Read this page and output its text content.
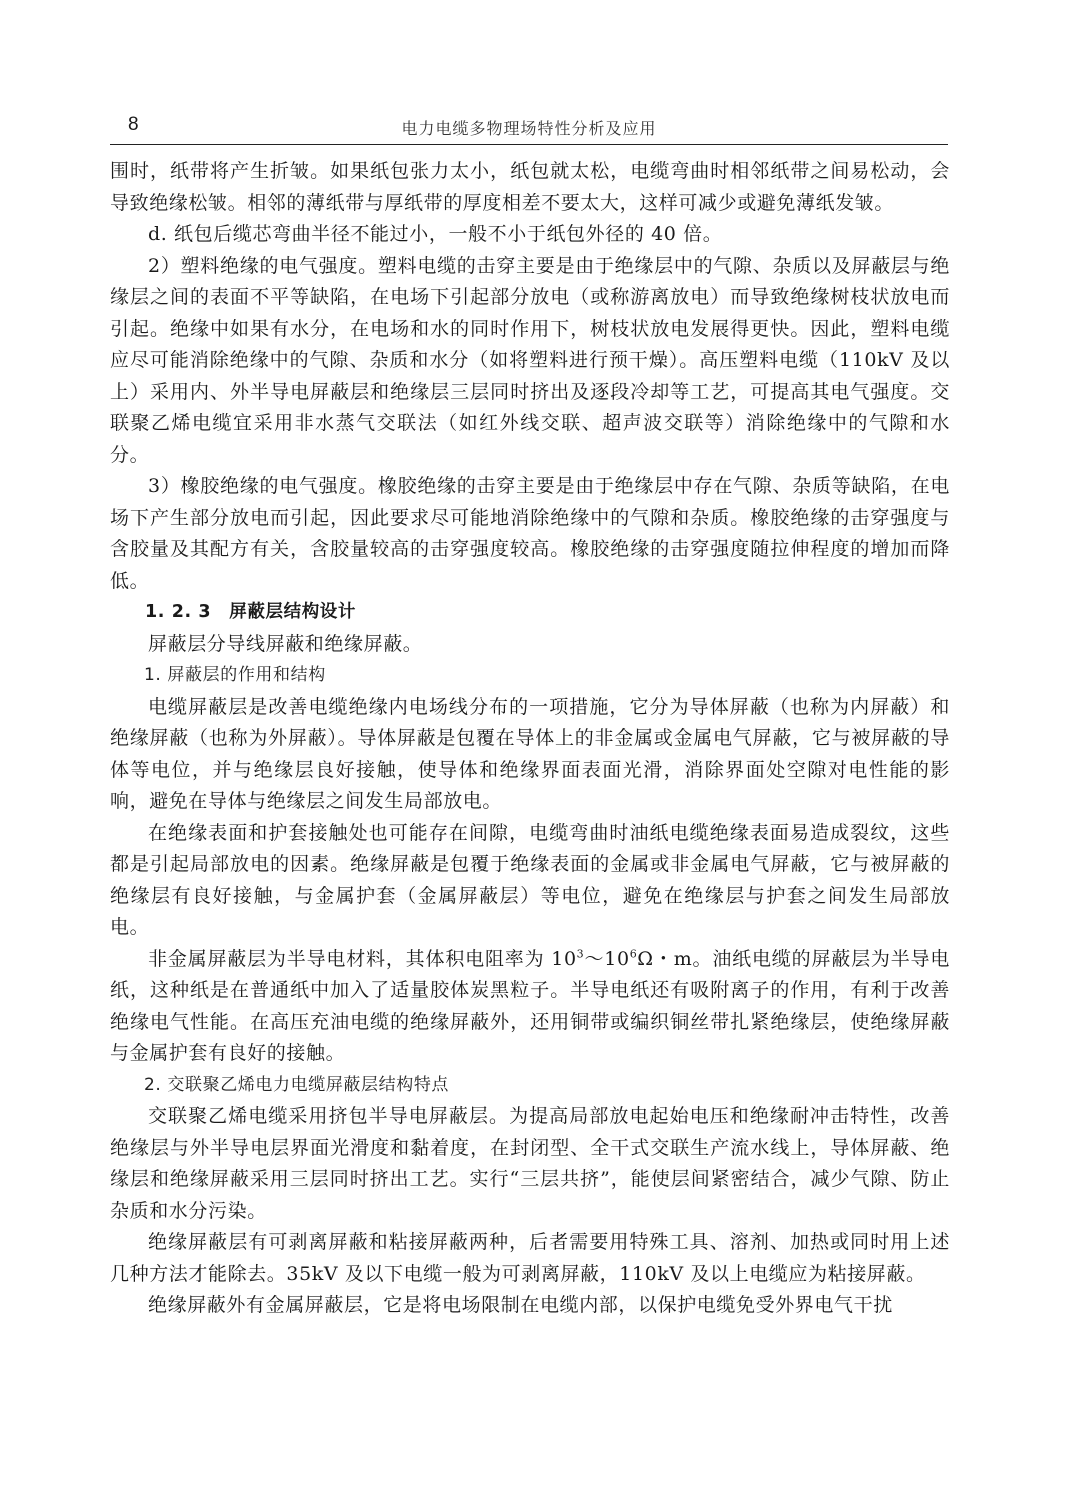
8	电力电缆多物理场特性分析及应用

围时，纸带将产生折皱。如果纸包张力太小，纸包就太松，电缆弯曲时相邻纸带之间易松动，会导致绝缘松皱。相邻的薄纸带与厚纸带的厚度相差不要太大，这样可减少或避免薄纸发皱。

d. 纸包后缆芯弯曲半径不能过小，一般不小于纸包外径的 40 倍。

2）塑料绝缘的电气强度。塑料电缆的击穿主要是由于绝缘层中的气隙、杂质以及屏蔽层与绝缘层之间的表面不平等缺陷，在电场下引起部分放电（或称游离放电）而导致绝缘树枝状放电而引起。绝缘中如果有水分，在电场和水的同时作用下，树枝状放电发展得更快。因此，塑料电缆应尽可能消除绝缘中的气隙、杂质和水分（如将塑料进行预干燥）。高压塑料电缆（110kV 及以上）采用内、外半导电屏蔽层和绝缘层三层同时挤出及逐段冷却等工艺，可提高其电气强度。交联聚乙烯电缆宜采用非水蒸气交联法（如红外线交联、超声波交联等）消除绝缘中的气隙和水分。

3）橡胶绝缘的电气强度。橡胶绝缘的击穿主要是由于绝缘层中存在气隙、杂质等缺陷，在电场下产生部分放电而引起，因此要求尽可能地消除绝缘中的气隙和杂质。橡胶绝缘的击穿强度与含胶量及其配方有关，含胶量较高的击穿强度较高。橡胶绝缘的击穿强度随拉伸程度的增加而降低。

1. 2. 3　屏蔽层结构设计

屏蔽层分导线屏蔽和绝缘屏蔽。

1. 屏蔽层的作用和结构

电缆屏蔽层是改善电缆绝缘内电场线分布的一项措施，它分为导体屏蔽（也称为内屏蔽）和绝缘屏蔽（也称为外屏蔽）。导体屏蔽是包覆在导体上的非金属或金属电气屏蔽，它与被屏蔽的导体等电位，并与绝缘层良好接触，使导体和绝缘界面表面光滑，消除界面处空隙对电性能的影响，避免在导体与绝缘层之间发生局部放电。

在绝缘表面和护套接触处也可能存在间隙，电缆弯曲时油纸电缆绝缘表面易造成裂纹，这些都是引起局部放电的因素。绝缘屏蔽是包覆于绝缘表面的金属或非金属电气屏蔽，它与被屏蔽的绝缘层有良好接触，与金属护套（金属屏蔽层）等电位，避免在绝缘层与护套之间发生局部放电。

非金属屏蔽层为半导电材料，其体积电阻率为 $10^3\sim 10^6\Omega$・m。油纸电缆的屏蔽层为半导电纸，这种纸是在普通纸中加入了适量胶体炭黑粒子。半导电纸还有吸附离子的作用，有利于改善绝缘电气性能。在高压充油电缆的绝缘屏蔽外，还用铜带或编织铜丝带扎紧绝缘层，使绝缘屏蔽与金属护套有良好的接触。

2. 交联聚乙烯电力电缆屏蔽层结构特点

交联聚乙烯电缆采用挤包半导电屏蔽层。为提高局部放电起始电压和绝缘耐冲击特性，改善绝缘层与外半导电层界面光滑度和黏着度，在封闭型、全干式交联生产流水线上，导体屏蔽、绝缘层和绝缘屏蔽采用三层同时挤出工艺。实行“三层共挤”，能使层间紧密结合，减少气隙、防止杂质和水分污染。

绝缘屏蔽层有可剥离屏蔽和粘接屏蔽两种，后者需要用特殊工具、溶剂、加热或同时用上述几种方法才能除去。35kV 及以下电缆一般为可剥离屏蔽，110kV 及以上电缆应为粘接屏蔽。

绝缘屏蔽外有金属屏蔽层，它是将电场限制在电缆内部，以保护电缆免受外界电气干扰
